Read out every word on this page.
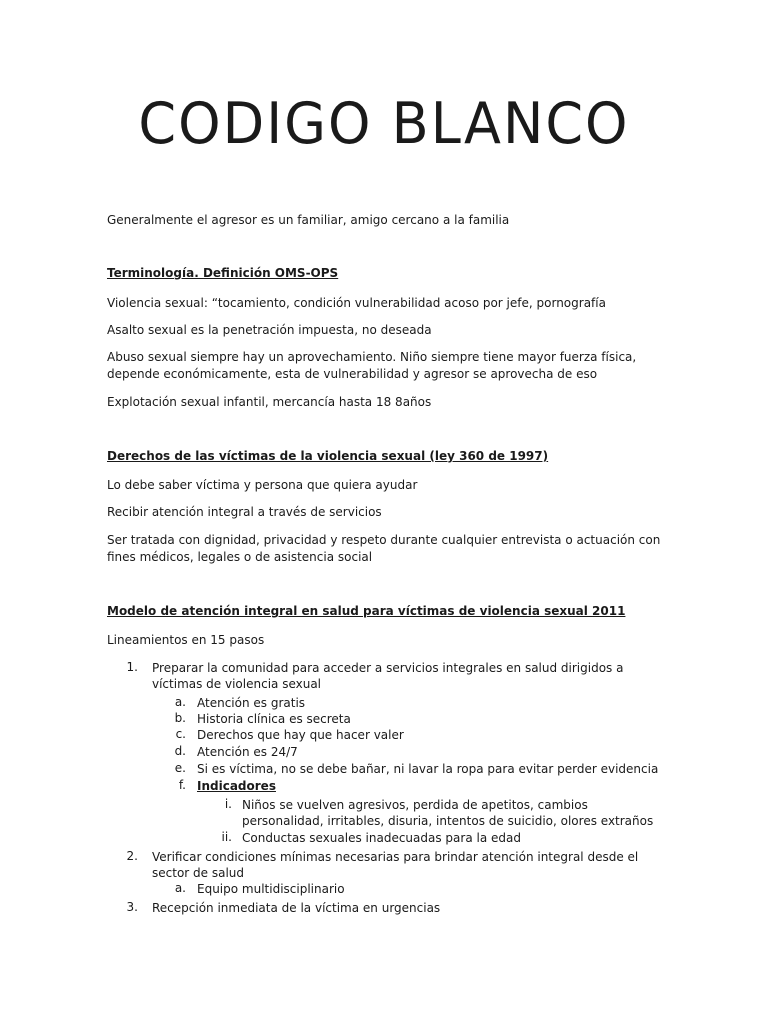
CODIGO BLANCO
Generalmente el agresor es un familiar, amigo cercano a la familia
Terminología. Definición OMS-OPS
Violencia sexual: “tocamiento, condición vulnerabilidad acoso por jefe, pornografía
Asalto sexual es la penetración impuesta, no deseada
Abuso sexual siempre hay un aprovechamiento. Niño siempre tiene mayor fuerza física, depende económicamente, esta de vulnerabilidad y agresor se aprovecha de eso
Explotación sexual infantil, mercancía hasta 18 8años
Derechos de las víctimas de la violencia sexual (ley 360 de 1997)
Lo debe saber víctima y persona que quiera ayudar
Recibir atención integral a través de servicios
Ser tratada con dignidad, privacidad y respeto durante cualquier entrevista o actuación con fines médicos, legales o de asistencia social
Modelo de atención integral en salud para víctimas de violencia sexual 2011
Lineamientos en 15 pasos
1. Preparar la comunidad para acceder a servicios integrales en salud dirigidos a víctimas de violencia sexual
a. Atención es gratis
b. Historia clínica es secreta
c. Derechos que hay que hacer valer
d. Atención es 24/7
e. Si es víctima, no se debe bañar, ni lavar la ropa para evitar perder evidencia
f. Indicadores
i. Niños se vuelven agresivos, perdida de apetitos, cambios personalidad, irritables, disuria, intentos de suicidio, olores extraños
ii. Conductas sexuales inadecuadas para la edad
2. Verificar condiciones mínimas necesarias para brindar atención integral desde el sector de salud
a. Equipo multidisciplinario
3. Recepción inmediata de la víctima en urgencias
